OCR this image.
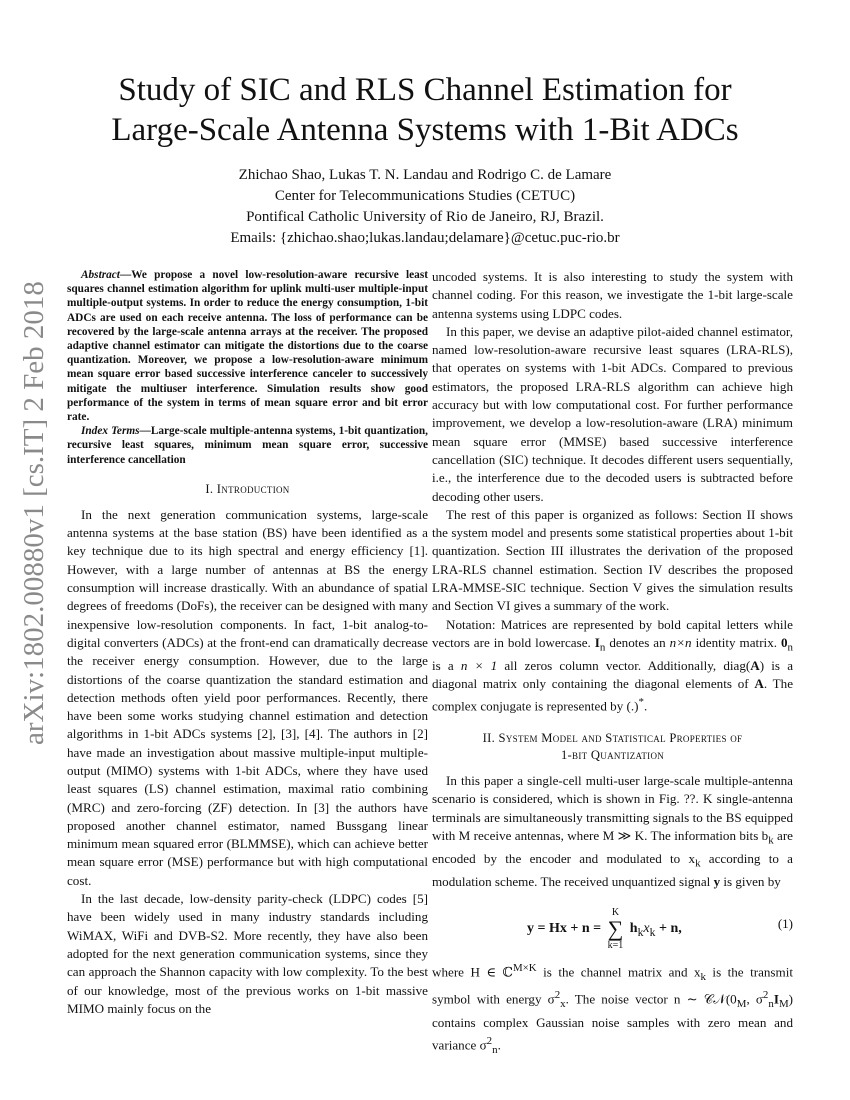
arXiv:1802.00880v1 [cs.IT] 2 Feb 2018
Study of SIC and RLS Channel Estimation for
Large-Scale Antenna Systems with 1-Bit ADCs
Zhichao Shao, Lukas T. N. Landau and Rodrigo C. de Lamare
Center for Telecommunications Studies (CETUC)
Pontifical Catholic University of Rio de Janeiro, RJ, Brazil.
Emails: {zhichao.shao;lukas.landau;delamare}@cetuc.puc-rio.br

Abstract—We propose a novel low-resolution-aware recursive least squares channel estimation algorithm for uplink multi-user multiple-input multiple-output systems. In order to reduce the energy consumption, 1-bit ADCs are used on each receive antenna. The loss of performance can be recovered by the large-scale antenna arrays at the receiver. The proposed adaptive channel estimator can mitigate the distortions due to the coarse quantization. Moreover, we propose a low-resolution-aware minimum mean square error based successive interference canceler to successively mitigate the multiuser interference. Simulation results show good performance of the system in terms of mean square error and bit error rate.

Index Terms—Large-scale multiple-antenna systems, 1-bit quantization, recursive least squares, minimum mean square error, successive interference cancellation

I. Introduction

In the next generation communication systems, large-scale antenna systems at the base station (BS) have been identified as a key technique due to its high spectral and energy efficiency [1]. However, with a large number of antennas at BS the energy consumption will increase drastically. With an abundance of spatial degrees of freedoms (DoFs), the receiver can be designed with many inexpensive low-resolution components. In fact, 1-bit analog-to-digital converters (ADCs) at the front-end can dramatically decrease the receiver energy consumption. However, due to the large distortions of the coarse quantization the standard estimation and detection methods often yield poor performances. Recently, there have been some works studying channel estimation and detection algorithms in 1-bit ADCs systems [2], [3], [4]. The authors in [2] have made an investigation about massive multiple-input multiple-output (MIMO) systems with 1-bit ADCs, where they have used least squares (LS) channel estimation, maximal ratio combining (MRC) and zero-forcing (ZF) detection. In [3] the authors have proposed another channel estimator, named Bussgang linear minimum mean squared error (BLMMSE), which can achieve better mean square error (MSE) performance but with high computational cost.

In the last decade, low-density parity-check (LDPC) codes [5] have been widely used in many industry standards including WiMAX, WiFi and DVB-S2. More recently, they have also been adopted for the next generation communication systems, since they can approach the Shannon capacity with low complexity. To the best of our knowledge, most of the previous works on 1-bit massive MIMO mainly focus on the

uncoded systems. It is also interesting to study the system with channel coding. For this reason, we investigate the 1-bit large-scale antenna systems using LDPC codes.

In this paper, we devise an adaptive pilot-aided channel estimator, named low-resolution-aware recursive least squares (LRA-RLS), that operates on systems with 1-bit ADCs. Compared to previous estimators, the proposed LRA-RLS algorithm can achieve high accuracy but with low computational cost. For further performance improvement, we develop a low-resolution-aware (LRA) minimum mean square error (MMSE) based successive interference cancellation (SIC) technique. It decodes different users sequentially, i.e., the interference due to the decoded users is subtracted before decoding other users.

The rest of this paper is organized as follows: Section II shows the system model and presents some statistical properties about 1-bit quantization. Section III illustrates the derivation of the proposed LRA-RLS channel estimation. Section IV describes the proposed LRA-MMSE-SIC technique. Section V gives the simulation results and Section VI gives a summary of the work.

Notation: Matrices are represented by bold capital letters while vectors are in bold lowercase. $I_n$ denotes an n×n identity matrix. $0_n$ is a n × 1 all zeros column vector. Additionally, diag(A) is a diagonal matrix only containing the diagonal elements of A. The complex conjugate is represented by (.)*.

II. System Model and Statistical Properties of
1-bit Quantization

In this paper a single-cell multi-user large-scale multiple-antenna scenario is considered, which is shown in Fig. ??. K single-antenna terminals are simultaneously transmitting signals to the BS equipped with M receive antennas, where M ≫ K. The information bits $b_k$ are encoded by the encoder and modulated to $x_k$ according to a modulation scheme. The received unquantized signal y is given by

y = Hx + n = K
∑
k=1 $h_kx_k + n$,	(1)

where H ∈ ℂ$^{M\times K}$ is the channel matrix and $x_k$ is the transmit symbol with energy $\sigma^2_x$. The noise vector n ∼ $𝒞𝒩(0_M$, $\sigma^2_nI_M$) contains complex Gaussian noise samples with zero mean and variance $\sigma^2_n$.
